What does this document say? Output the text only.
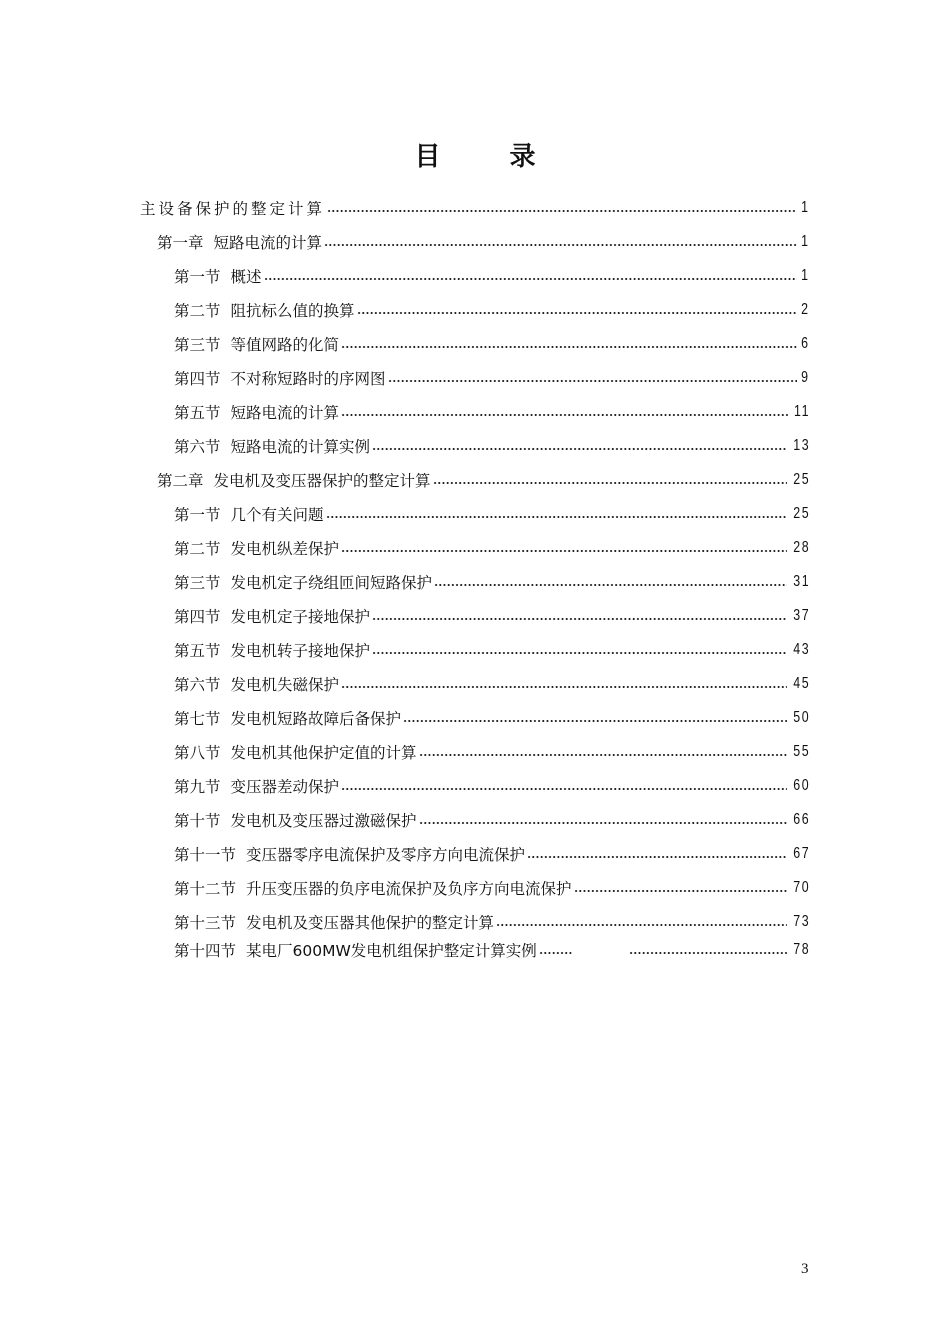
目 录
主设备保护的整定计算	1
第一章 短路电流的计算	1
第一节 概述	1
第二节 阻抗标么值的换算	2
第三节 等值网路的化简	6
第四节 不对称短路时的序网图	9
第五节 短路电流的计算	11
第六节 短路电流的计算实例	13
第二章 发电机及变压器保护的整定计算	25
第一节 几个有关问题	25
第二节 发电机纵差保护	28
第三节 发电机定子绕组匝间短路保护	31
第四节 发电机定子接地保护	37
第五节 发电机转子接地保护	43
第六节 发电机失磁保护	45
第七节 发电机短路故障后备保护	50
第八节 发电机其他保护定值的计算	55
第九节 变压器差动保护	60
第十节 发电机及变压器过激磁保护	66
第十一节 变压器零序电流保护及零序方向电流保护	67
第十二节 升压变压器的负序电流保护及负序方向电流保护	70
第十三节 发电机及变压器其他保护的整定计算	73
第十四节 某电厂600MW发电机组保护整定计算实例	78
3
